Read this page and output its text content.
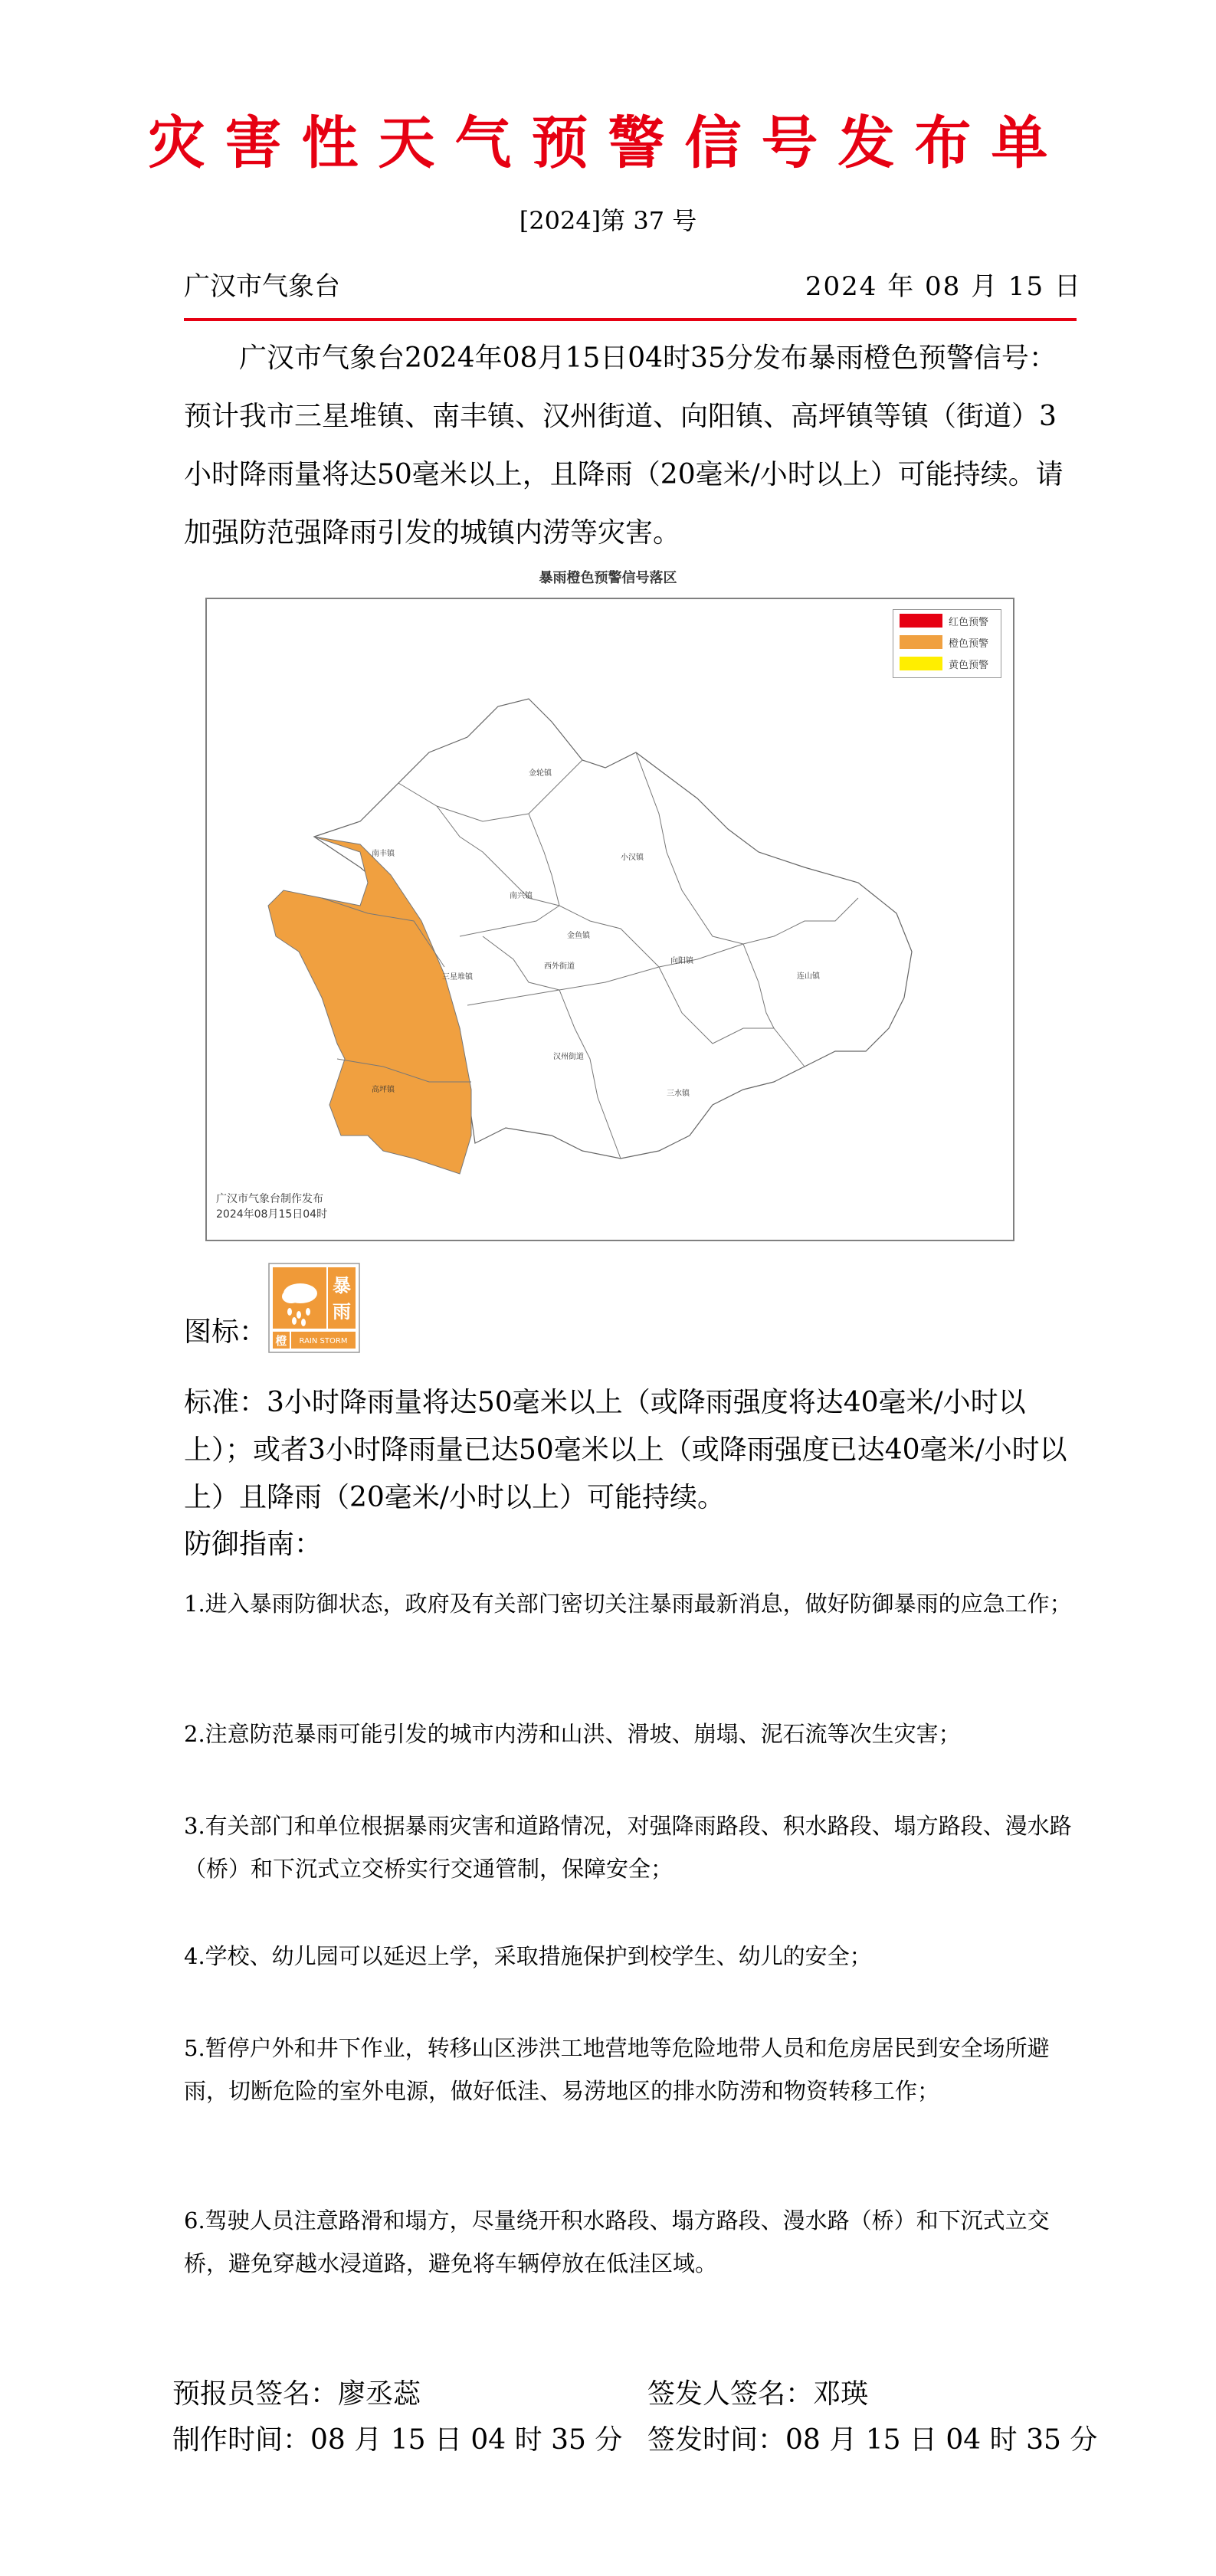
灾害性天气预警信号发布单
[2024]第 37 号
广汉市气象台	2024 年 08 月 15 日
广汉市气象台2024年08月15日04时35分发布暴雨橙色预警信号：预计我市三星堆镇、南丰镇、汉州街道、向阳镇、高坪镇等镇（街道）3小时降雨量将达50毫米以上，且降雨（20毫米/小时以上）可能持续。请加强防范强降雨引发的城镇内涝等灾害。
暴雨橙色预警信号落区
金轮镇
南丰镇	小汉镇
南兴镇
金鱼镇
向阳镇
西外街道
连山镇
三星堆镇
汉州街道
三水镇
高坪镇
红色预警
橙色预警
黄色预警
广汉市气象台制作发布
2024年08月15日04时
图标：
暴
雨
橙 RAIN STORM
标准：3小时降雨量将达50毫米以上（或降雨强度将达40毫米/小时以上）；或者3小时降雨量已达50毫米以上（或降雨强度已达40毫米/小时以上）且降雨（20毫米/小时以上）可能持续。
防御指南：
1.进入暴雨防御状态，政府及有关部门密切关注暴雨最新消息，做好防御暴雨的应急工作；
2.注意防范暴雨可能引发的城市内涝和山洪、滑坡、崩塌、泥石流等次生灾害；
3.有关部门和单位根据暴雨灾害和道路情况，对强降雨路段、积水路段、塌方路段、漫水路（桥）和下沉式立交桥实行交通管制，保障安全；
4.学校、幼儿园可以延迟上学，采取措施保护到校学生、幼儿的安全；
5.暂停户外和井下作业，转移山区涉洪工地营地等危险地带人员和危房居民到安全场所避雨，切断危险的室外电源，做好低洼、易涝地区的排水防涝和物资转移工作；
6.驾驶人员注意路滑和塌方，尽量绕开积水路段、塌方路段、漫水路（桥）和下沉式立交桥，避免穿越水浸道路，避免将车辆停放在低洼区域。
预报员签名：廖丞蕊	签发人签名：邓瑛
制作时间：08 月 15 日 04 时 35 分 签发时间：08 月 15 日 04 时 35 分
